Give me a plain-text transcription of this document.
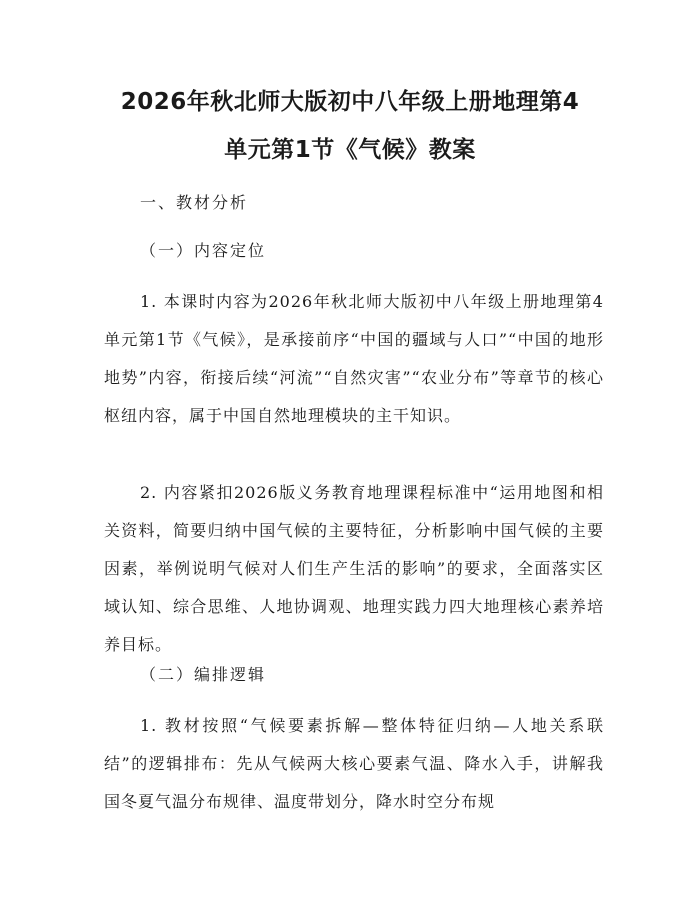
2026年秋北师大版初中八年级上册地理第4
单元第1节《气候》教案
一、教材分析
（一）内容定位
1. 本课时内容为2026年秋北师大版初中八年级上册地理第4单元第1节《气候》，是承接前序“中国的疆域与人口”“中国的地形地势”内容，衔接后续“河流”“自然灾害”“农业分布”等章节的核心枢纽内容，属于中国自然地理模块的主干知识。
2. 内容紧扣2026版义务教育地理课程标准中“运用地图和相关资料，简要归纳中国气候的主要特征，分析影响中国气候的主要因素，举例说明气候对人们生产生活的影响”的要求，全面落实区域认知、综合思维、人地协调观、地理实践力四大地理核心素养培养目标。
（二）编排逻辑
1. 教材按照“气候要素拆解—整体特征归纳—人地关系联结”的逻辑排布：先从气候两大核心要素气温、降水入手，讲解我国冬夏气温分布规律、温度带划分，降水时空分布规
